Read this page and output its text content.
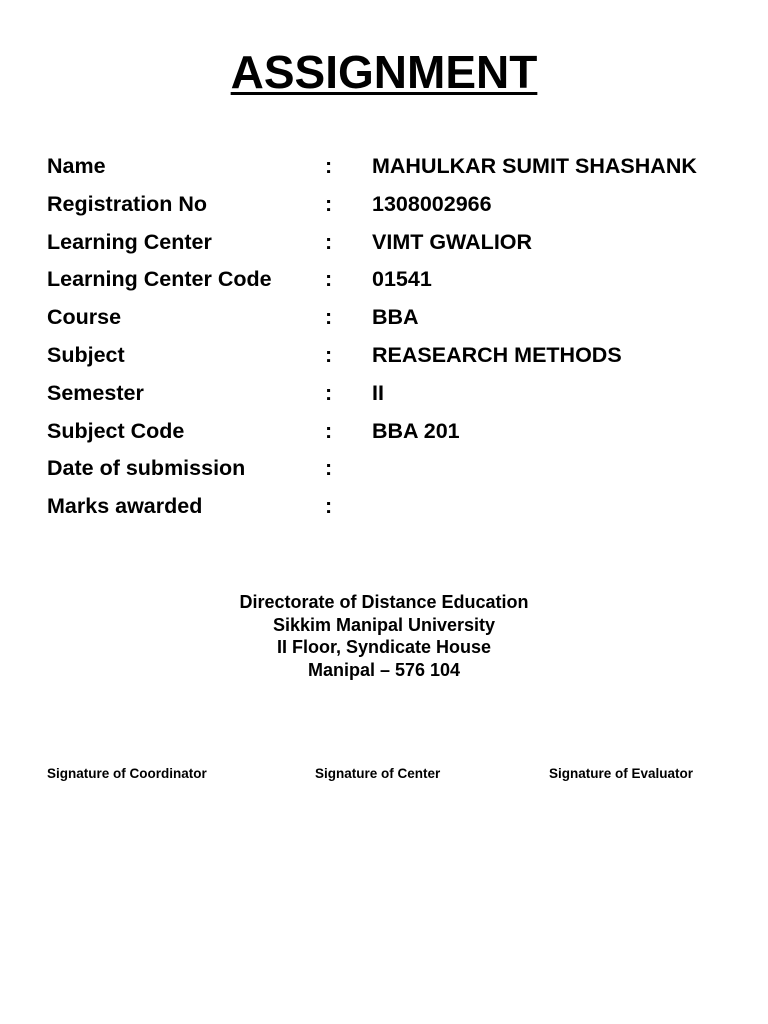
ASSIGNMENT
Name	: MAHULKAR SUMIT SHASHANK
Registration No	: 1308002966
Learning Center	: VIMT GWALIOR
Learning Center Code : 01541
Course	: BBA
Subject	: REASEARCH METHODS
Semester	: II
Subject Code	: BBA 201
Date of submission	:
Marks awarded	:
Directorate of Distance Education
Sikkim Manipal University
II Floor, Syndicate House
Manipal – 576 104
Signature of Coordinator	Signature of Center	Signature of Evaluator
